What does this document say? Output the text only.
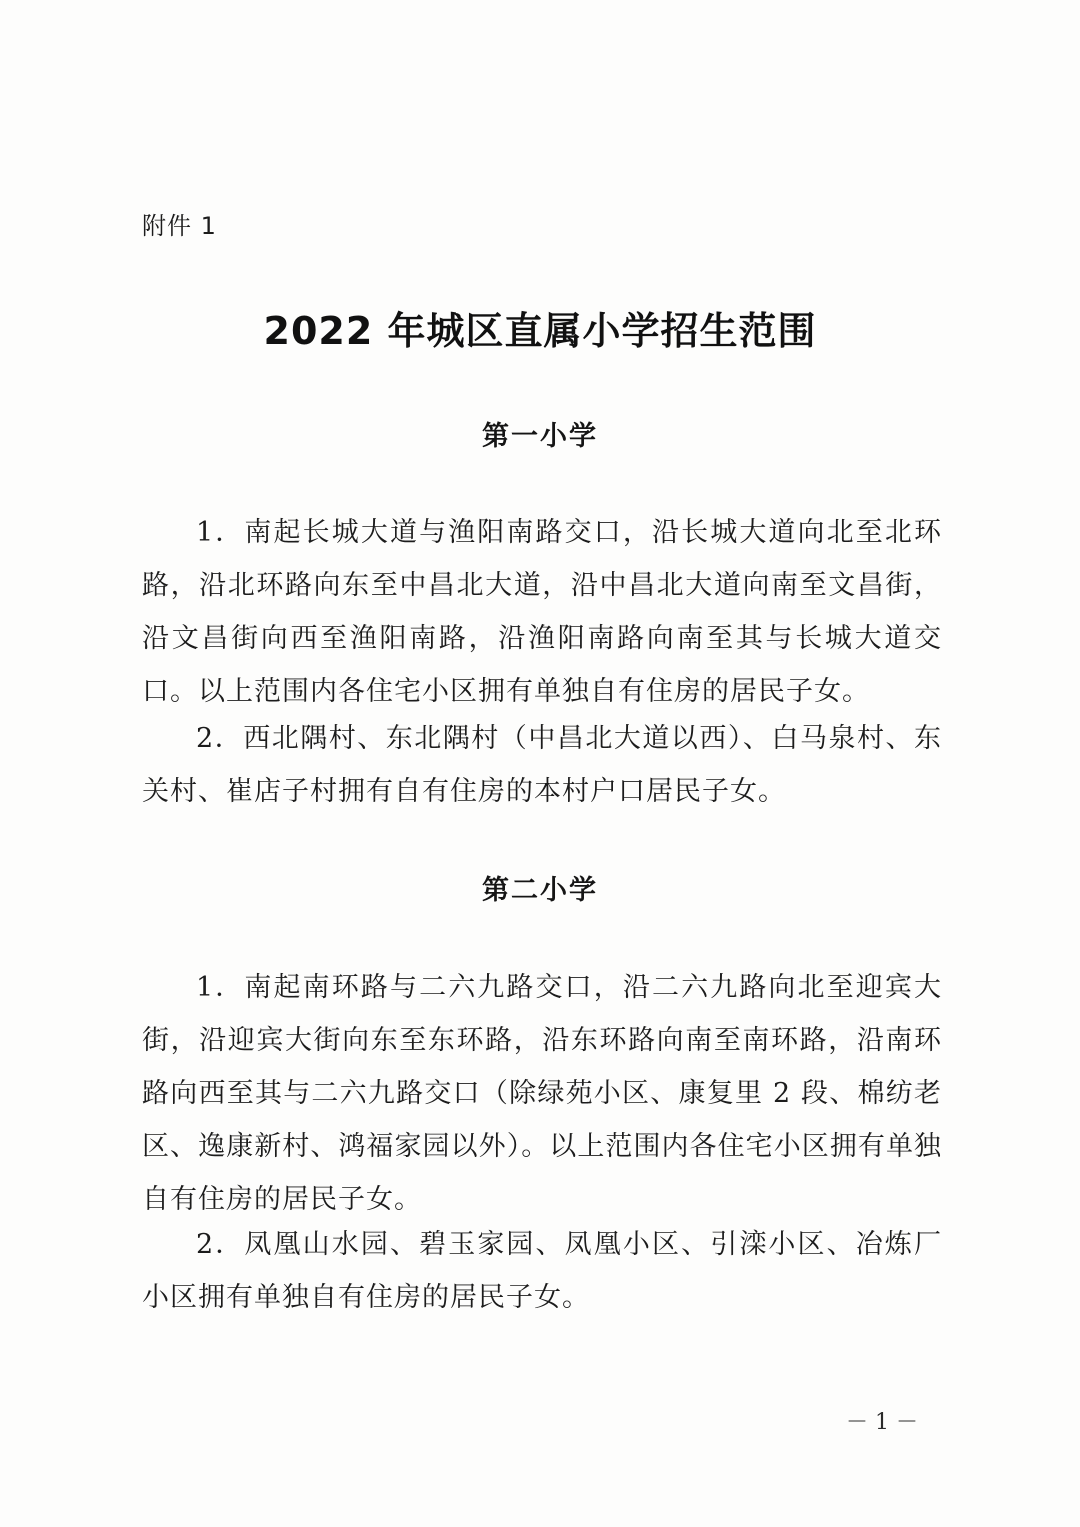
附件 1
2022 年城区直属小学招生范围
第一小学

1．南起长城大道与渔阳南路交口，沿长城大道向北至北环路，沿北环路向东至中昌北大道，沿中昌北大道向南至文昌街，沿文昌街向西至渔阳南路，沿渔阳南路向南至其与长城大道交口。以上范围内各住宅小区拥有单独自有住房的居民子女。

2．西北隅村、东北隅村（中昌北大道以西）、白马泉村、东关村、崔店子村拥有自有住房的本村户口居民子女。

第二小学

1．南起南环路与二六九路交口，沿二六九路向北至迎宾大街，沿迎宾大街向东至东环路，沿东环路向南至南环路，沿南环路向西至其与二六九路交口（除绿苑小区、康复里 2 段、棉纺老区、逸康新村、鸿福家园以外）。以上范围内各住宅小区拥有单独自有住房的居民子女。

2．凤凰山水园、碧玉家园、凤凰小区、引滦小区、冶炼厂小区拥有单独自有住房的居民子女。

－ 1 －
